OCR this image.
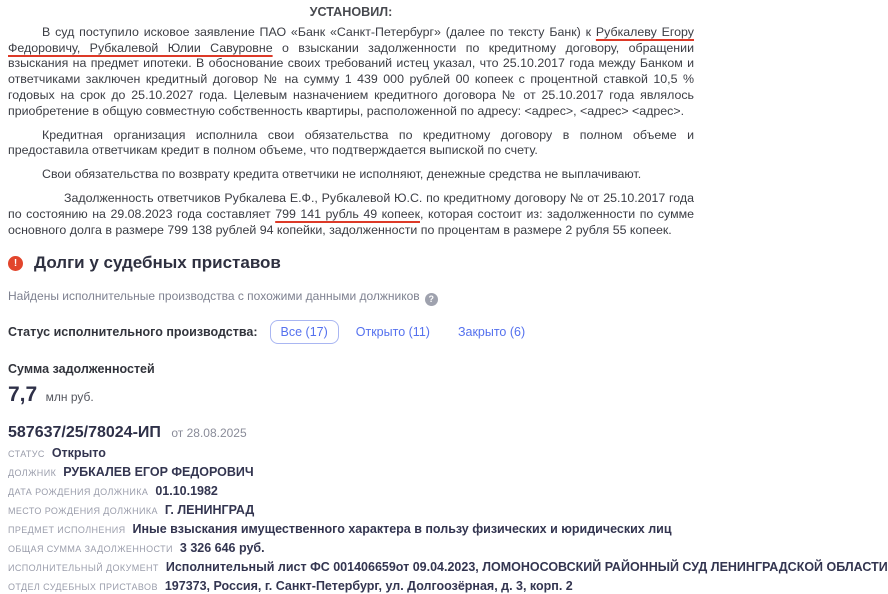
УСТАНОВИЛ:

В суд поступило исковое заявление ПАО «Банк «Санкт-Петербург» (далее по тексту Банк) к Рубкалеву Егору Федоровичу, Рубкалевой Юлии Савуровне о взыскании задолженности по кредитному договору, обращении взыскания на предмет ипотеки. В обоснование своих требований истец указал, что 25.10.2017 года между Банком и ответчиками заключен кредитный договор № на сумму 1 439 000 рублей 00 копеек с процентной ставкой 10,5 % годовых на срок до 25.10.2027 года. Целевым назначением кредитного договора № от 25.10.2017 года являлось приобретение в общую совместную собственность квартиры, расположенной по адресу: <адрес>, <адрес> <адрес>.

Кредитная организация исполнила свои обязательства по кредитному договору в полном объеме и предоставила ответчикам кредит в полном объеме, что подтверждается выпиской по счету.

Свои обязательства по возврату кредита ответчики не исполняют, денежные средства не выплачивают.

Задолженность ответчиков Рубкалева Е.Ф., Рубкалевой Ю.С. по кредитному договору № от 25.10.2017 года по состоянию на 29.08.2023 года составляет 799 141 рубль 49 копеек, которая состоит из: задолженности по сумме основного долга в размере 799 138 рублей 94 копейки, задолженности по процентам в размере 2 рубля 55 копеек.

! Долги у судебных приставов
Найдены исполнительные производства с похожими данными должников ?
Статус исполнительного производства:	Все (17)	Открыто (11)	Закрыто (6)
Сумма задолженностей
7,7 млн руб.
587637/25/78024-ИП от 28.08.2025
СТАТУС Открыто
ДОЛЖНИК РУБКАЛЕВ ЕГОР ФЕДОРОВИЧ
ДАТА РОЖДЕНИЯ ДОЛЖНИКА 01.10.1982
МЕСТО РОЖДЕНИЯ ДОЛЖНИКА Г. ЛЕНИНГРАД
ПРЕДМЕТ ИСПОЛНЕНИЯ Иные взыскания имущественного характера в пользу физических и юридических лиц
ОБЩАЯ СУММА ЗАДОЛЖЕННОСТИ 3 326 646 руб.
ИСПОЛНИТЕЛЬНЫЙ ДОКУМЕНТ Исполнительный лист ФС 001406659от 09.04.2023, ЛОМОНОСОВСКИЙ РАЙОННЫЙ СУД ЛЕНИНГРАДСКОЙ ОБЛАСТИ
ОТДЕЛ СУДЕБНЫХ ПРИСТАВОВ 197373, Россия, г. Санкт-Петербург, ул. Долгоозёрная, д. 3, корп. 2
